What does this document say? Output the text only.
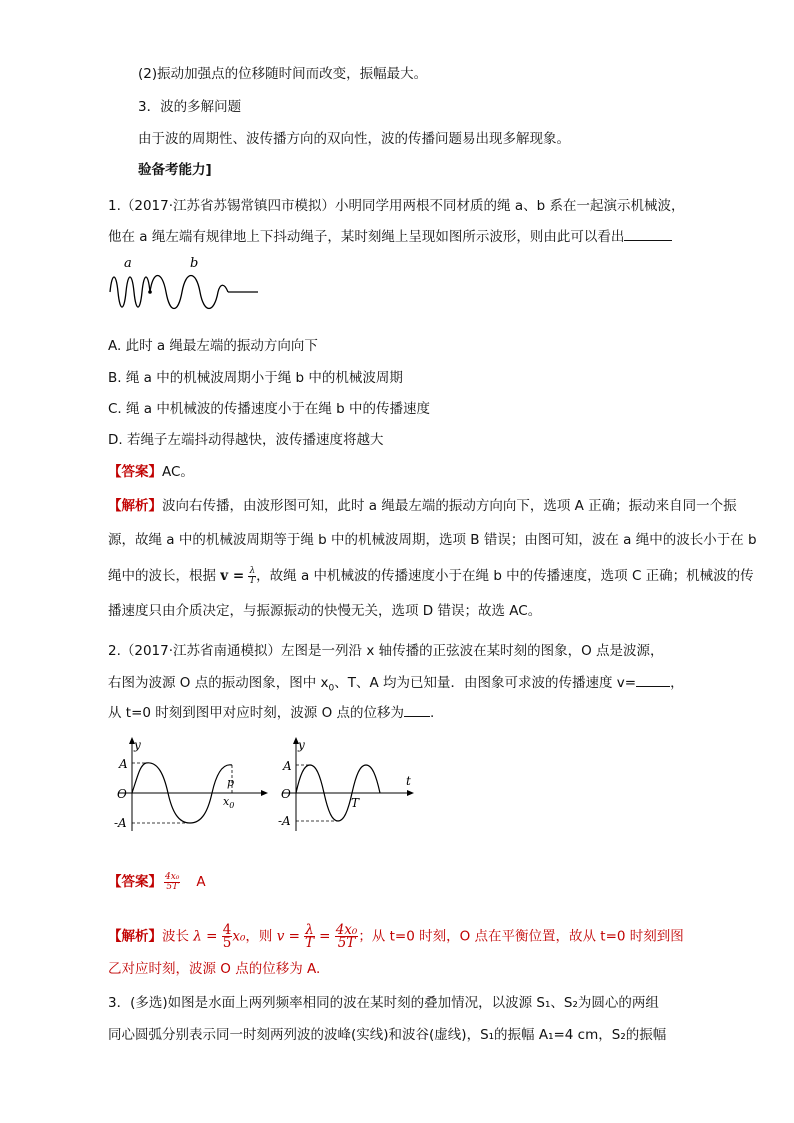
(2)振动加强点的位移随时间而改变，振幅最大。
3．波的多解问题
由于波的周期性、波传播方向的双向性，波的传播问题易出现多解现象。
验备考能力]
1.（2017·江苏省苏锡常镇四市模拟）小明同学用两根不同材质的绳 a、b 系在一起演示机械波，
他在 a 绳左端有规律地上下抖动绳子，某时刻绳上呈现如图所示波形，则由此可以看出
a	b
A. 此时 a 绳最左端的振动方向向下
B. 绳 a 中的机械波周期小于绳 b 中的机械波周期
C. 绳 a 中机械波的传播速度小于在绳 b 中的传播速度
D. 若绳子左端抖动得越快，波传播速度将越大
【答案】AC。
【解析】波向右传播，由波形图可知，此时 a 绳最左端的振动方向向下，选项 A 正确；振动来自同一个振
源，故绳 a 中的机械波周期等于绳 b 中的机械波周期，选项 B 错误；由图可知，波在 a 绳中的波长小于在 b
绳中的波长，根据 $v = \frac{\lambda}{T}$ ，故绳 a 中机械波的传播速度小于在绳 b 中的传播速度，选项 C 正确；机械波的传
播速度只由介质决定，与振源振动的快慢无关，选项 D 错误；故选 AC。
2.（2017·江苏省南通模拟）左图是一列沿 x 轴传播的正弦波在某时刻的图象，O 点是波源，
右图为波源 O 点的振动图象，图中 $x_0$、T、A 均为已知量．由图象可求波的传播速度 v=	，
从 t=0 时刻到图甲对应时刻，波源 O 点的位移为 .
y
A
O
-A
p
$x_0$
y
A
O
-A
t
T
【答案】 $\frac{\text{4x₀}}{5T}$ A
【解析】波长 $\lambda = \frac{4}{5} x_0$，则 $v = \frac{\lambda}{T} = \frac{\text{4x₀}}{5T}$ ；从 t=0 时刻，O 点在平衡位置，故从 t=0 时刻到图
乙对应时刻，波源 O 点的位移为 A.
3．(多选)如图是水面上两列频率相同的波在某时刻的叠加情况，以波源 S₁、S₂为圆心的两组
同心圆弧分别表示同一时刻两列波的波峰(实线)和波谷(虚线)，S₁的振幅 A₁=4 cm，S₂的振幅
